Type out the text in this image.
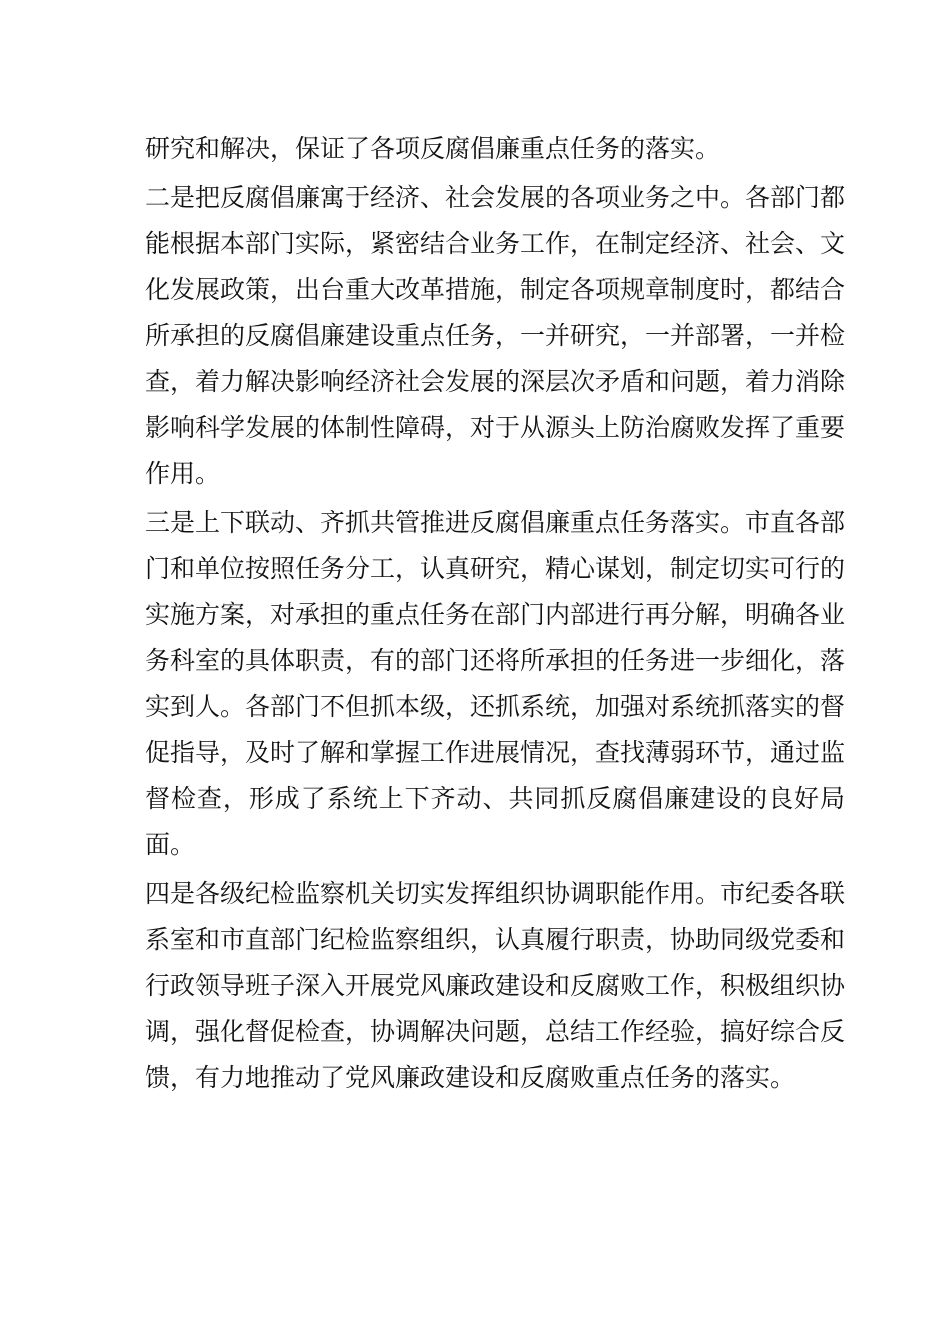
研究和解决，保证了各项反腐倡廉重点任务的落实。

二是把反腐倡廉寓于经济、社会发展的各项业务之中。各部门都能根据本部门实际，紧密结合业务工作，在制定经济、社会、文化发展政策，出台重大改革措施，制定各项规章制度时，都结合所承担的反腐倡廉建设重点任务，一并研究，一并部署，一并检查，着力解决影响经济社会发展的深层次矛盾和问题，着力消除影响科学发展的体制性障碍，对于从源头上防治腐败发挥了重要作用。

三是上下联动、齐抓共管推进反腐倡廉重点任务落实。市直各部门和单位按照任务分工，认真研究，精心谋划，制定切实可行的实施方案，对承担的重点任务在部门内部进行再分解，明确各业务科室的具体职责，有的部门还将所承担的任务进一步细化，落实到人。各部门不但抓本级，还抓系统，加强对系统抓落实的督促指导，及时了解和掌握工作进展情况，查找薄弱环节，通过监督检查，形成了系统上下齐动、共同抓反腐倡廉建设的良好局面。

四是各级纪检监察机关切实发挥组织协调职能作用。市纪委各联系室和市直部门纪检监察组织，认真履行职责，协助同级党委和行政领导班子深入开展党风廉政建设和反腐败工作，积极组织协调，强化督促检查，协调解决问题，总结工作经验，搞好综合反馈，有力地推动了党风廉政建设和反腐败重点任务的落实。
